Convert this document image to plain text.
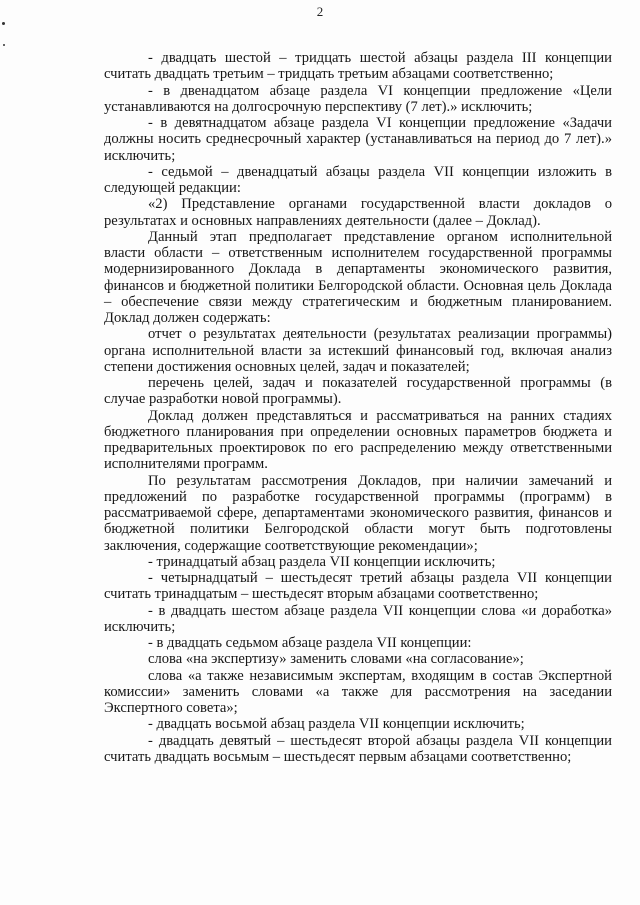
2

- двадцать шестой – тридцать шестой абзацы раздела III концепции считать двадцать третьим – тридцать третьим абзацами соответственно;

- в двенадцатом абзаце раздела VI концепции предложение «Цели устанавливаются на долгосрочную перспективу (7 лет).» исключить;

- в девятнадцатом абзаце раздела VI концепции предложение «Задачи должны носить среднесрочный характер (устанавливаться на период до 7 лет).» исключить;

- седьмой – двенадцатый абзацы раздела VII концепции изложить в следующей редакции:

«2) Представление органами государственной власти докладов о результатах и основных направлениях деятельности (далее – Доклад).

Данный этап предполагает представление органом исполнительной власти области – ответственным исполнителем государственной программы модернизированного Доклада в департаменты экономического развития, финансов и бюджетной политики Белгородской области. Основная цель Доклада – обеспечение связи между стратегическим и бюджетным планированием. Доклад должен содержать:

отчет о результатах деятельности (результатах реализации программы) органа исполнительной власти за истекший финансовый год, включая анализ степени достижения основных целей, задач и показателей;

перечень целей, задач и показателей государственной программы (в случае разработки новой программы).

Доклад должен представляться и рассматриваться на ранних стадиях бюджетного планирования при определении основных параметров бюджета и предварительных проектировок по его распределению между ответственными исполнителями программ.

По результатам рассмотрения Докладов, при наличии замечаний и предложений по разработке государственной программы (программ) в рассматриваемой сфере, департаментами экономического развития, финансов и бюджетной политики Белгородской области могут быть подготовлены заключения, содержащие соответствующие рекомендации»;

- тринадцатый абзац раздела VII концепции исключить;

- четырнадцатый – шестьдесят третий абзацы раздела VII концепции считать тринадцатым – шестьдесят вторым абзацами соответственно;

- в двадцать шестом абзаце раздела VII концепции слова «и доработка» исключить;

- в двадцать седьмом абзаце раздела VII концепции:

слова «на экспертизу» заменить словами «на согласование»;

слова «а также независимым экспертам, входящим в состав Экспертной комиссии» заменить словами «а также для рассмотрения на заседании Экспертного совета»;

- двадцать восьмой абзац раздела VII концепции исключить;

- двадцать девятый – шестьдесят второй абзацы раздела VII концепции считать двадцать восьмым – шестьдесят первым абзацами соответственно;
